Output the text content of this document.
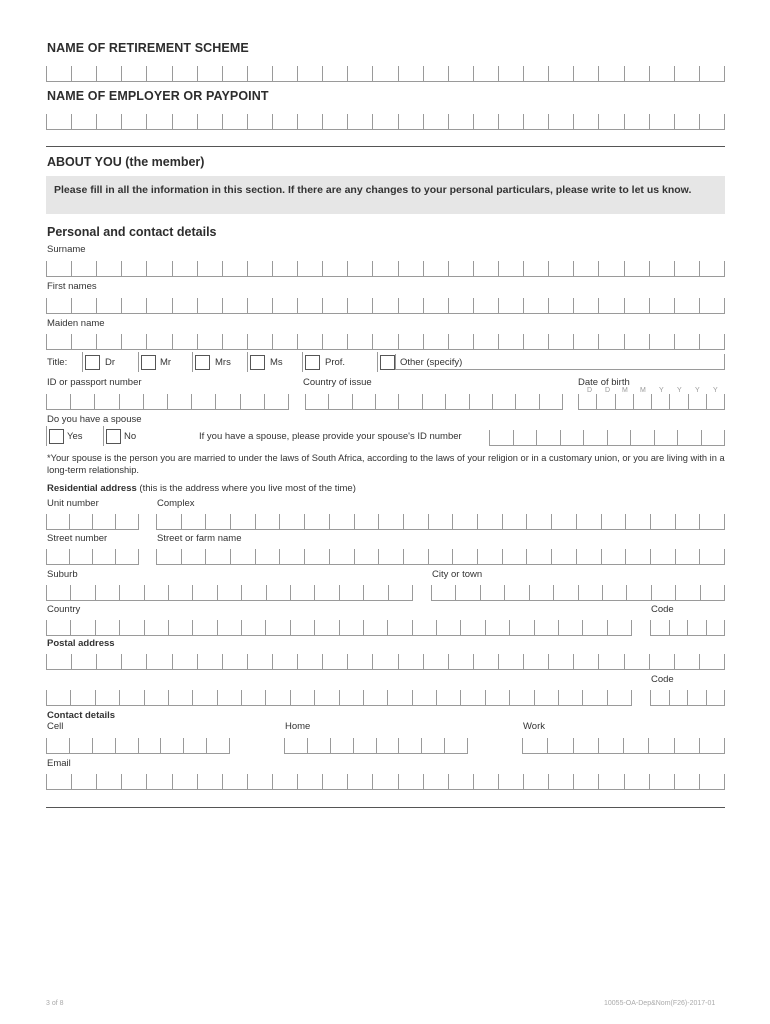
NAME OF RETIREMENT SCHEME
NAME OF EMPLOYER OR PAYPOINT
ABOUT YOU (the member)
Please fill in all the information in this section. If there are any changes to your personal particulars, please write to let us know.
Personal and contact details
Surname
First names
Maiden name
Title:	Dr	Mr	Mrs	Ms	Prof.	Other (specify)
ID or passport number	Country of issue	Date of birth
D D M M Y Y Y Y
Do you have a spouse
Yes	No	If you have a spouse, please provide your spouse's ID number
*Your spouse is the person you are married to under the laws of South Africa, according to the laws of your religion or in a customary union, or you are living with in a long-term relationship.
Residential address (this is the address where you live most of the time)
Unit number	Complex
Street number	Street or farm name
Suburb	City or town
Country	Code
Postal address
Code
Contact details
Cell	Home	Work
Email
3 of 8	10055-OA-Dep&Nom(F26)-2017-01
